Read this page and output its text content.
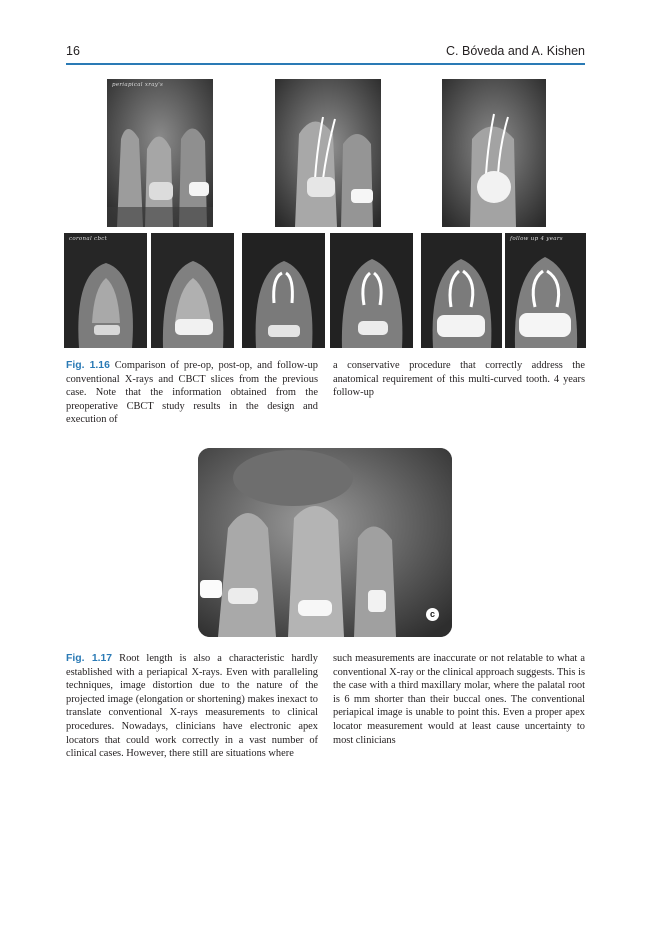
16	C. Bóveda and A. Kishen
periapical xray's
coronal cbct	follow up 4 years
Fig. 1.16 Comparison of pre-op, post-op, and follow-up conventional X-rays and CBCT slices from the previous case. Note that the information obtained from the preoperative CBCT study results in the design and execution of
a conservative procedure that correctly address the anatomical requirement of this multi-curved tooth. 4 years follow-up
c
Fig. 1.17 Root length is also a characteristic hardly established with a periapical X-rays. Even with paralleling techniques, image distortion due to the nature of the projected image (elongation or shortening) makes inexact to translate conventional X-rays measurements to clinical procedures. Nowadays, clinicians have electronic apex locators that could work correctly in a vast number of clinical cases. However, there still are situations where
such measurements are inaccurate or not relatable to what a conventional X-ray or the clinical approach suggests. This is the case with a third maxillary molar, where the palatal root is 6 mm shorter than their buccal ones. The conventional periapical image is unable to point this. Even a proper apex locator measurement would at least cause uncertainty to most clinicians
